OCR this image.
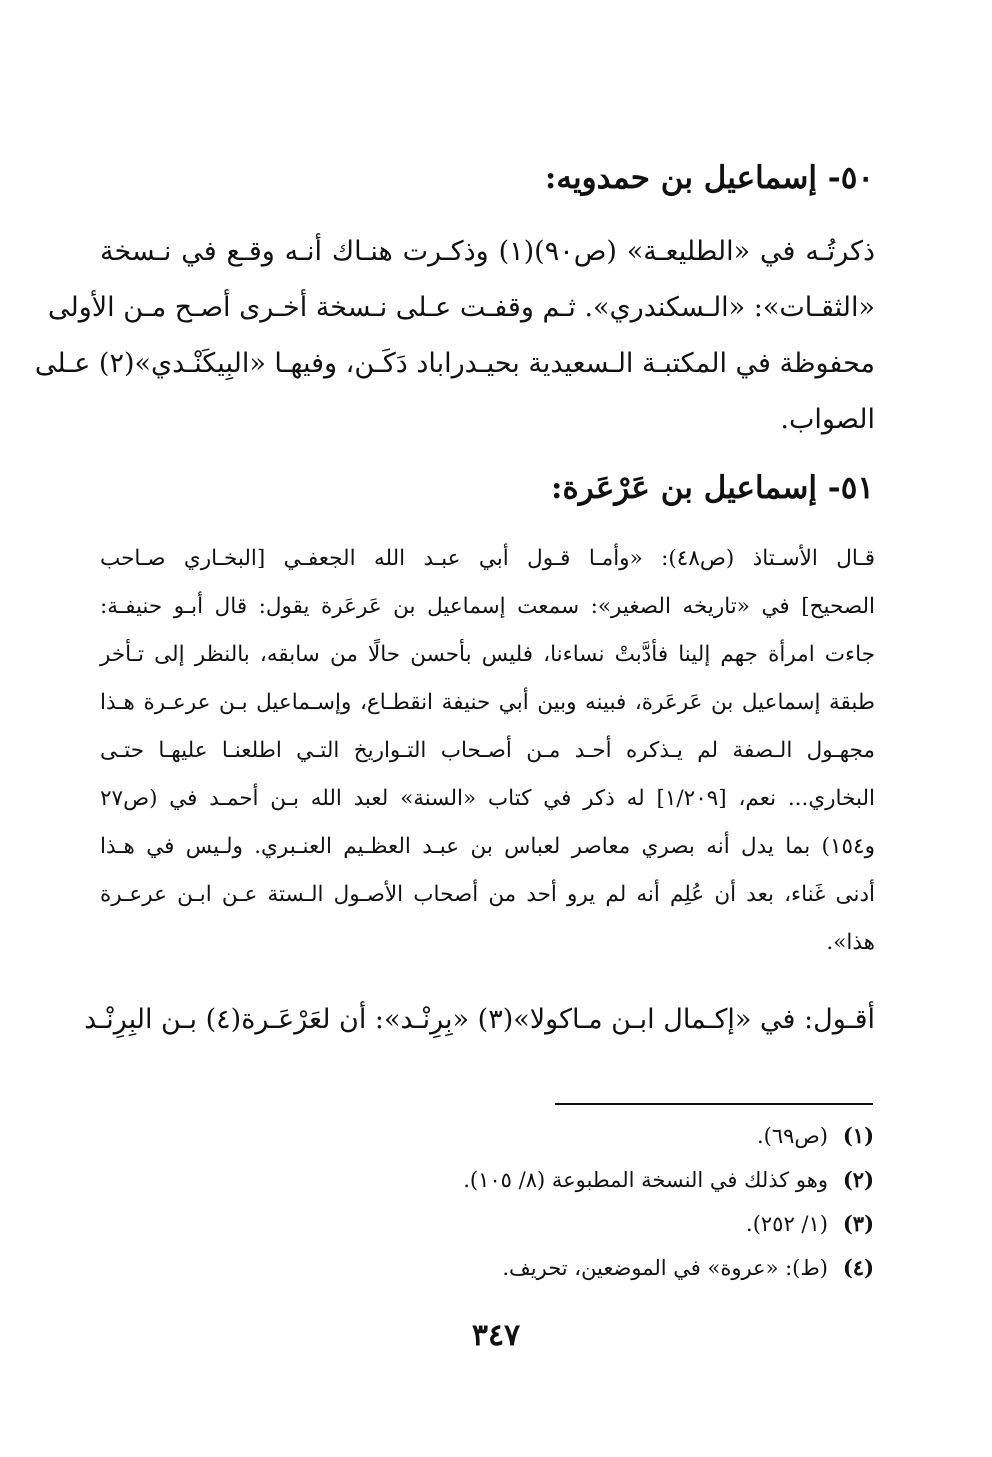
٥٠- إسماعيل بن حمدويه:
ذكرتُـه في «الطليعـة» (ص٩٠)(١) وذكـرت هنـاك أنـه وقـع في نـسخة
«الثقـات»: «الـسكندري». ثـم وقفـت عـلى نـسخة أخـرى أصـح مـن الأولى
محفوظة في المكتبـة الـسعيدية بحيـدراباد دَكَـن، وفيهـا «البِيكَنْـدي»(٢) عـلى
الصواب.
٥١- إسماعيل بن عَرْعَرة:
قـال الأسـتاذ (ص٤٨): «وأمـا قـول أبي عبـد الله الجعفـي [البخـاري صـاحب
الصحيح] في «تاريخه الصغير»: سمعت إسماعيل بن عَرعَرة يقول: قال أبـو حنيفـة:
جاءت امرأة جهم إلينا فأدَّبتْ نساءنا، فليس بأحسن حالًا من سابقه، بالنظر إلى تـأخر
طبقة إسماعيل بن عَرعَرة، فبينه وبين أبي حنيفة انقطـاع، وإسـماعيل بـن عرعـرة هـذا
مجهـول الـصفة لم يـذكره أحـد مـن أصـحاب التـواريخ التـي اطلعنـا عليهـا حتـى
البخاري... نعم، [١/٢٠٩] له ذكر في كتاب «السنة» لعبد الله بـن أحمـد في (ص٢٧
و١٥٤) بما يدل أنه بصري معاصر لعباس بن عبـد العظـيم العنـبري. ولـيس في هـذا
أدنى غَناء، بعد أن عُلِم أنه لم يرو أحد من أصحاب الأصـول الـستة عـن ابـن عرعـرة
هذا».
أقـول: في «إكـمال ابـن مـاكولا»(٣) «بِرِنْـد»: أن لعَرْعَـرة(٤) بـن البِرِنْـد
(١)(ص٦٩).
(٢)وهو كذلك في النسخة المطبوعة (٨/ ١٠٥).
(٣)(١/ ٢٥٢).
(٤)(ط): «عروة» في الموضعين، تحريف.
٣٤٧
